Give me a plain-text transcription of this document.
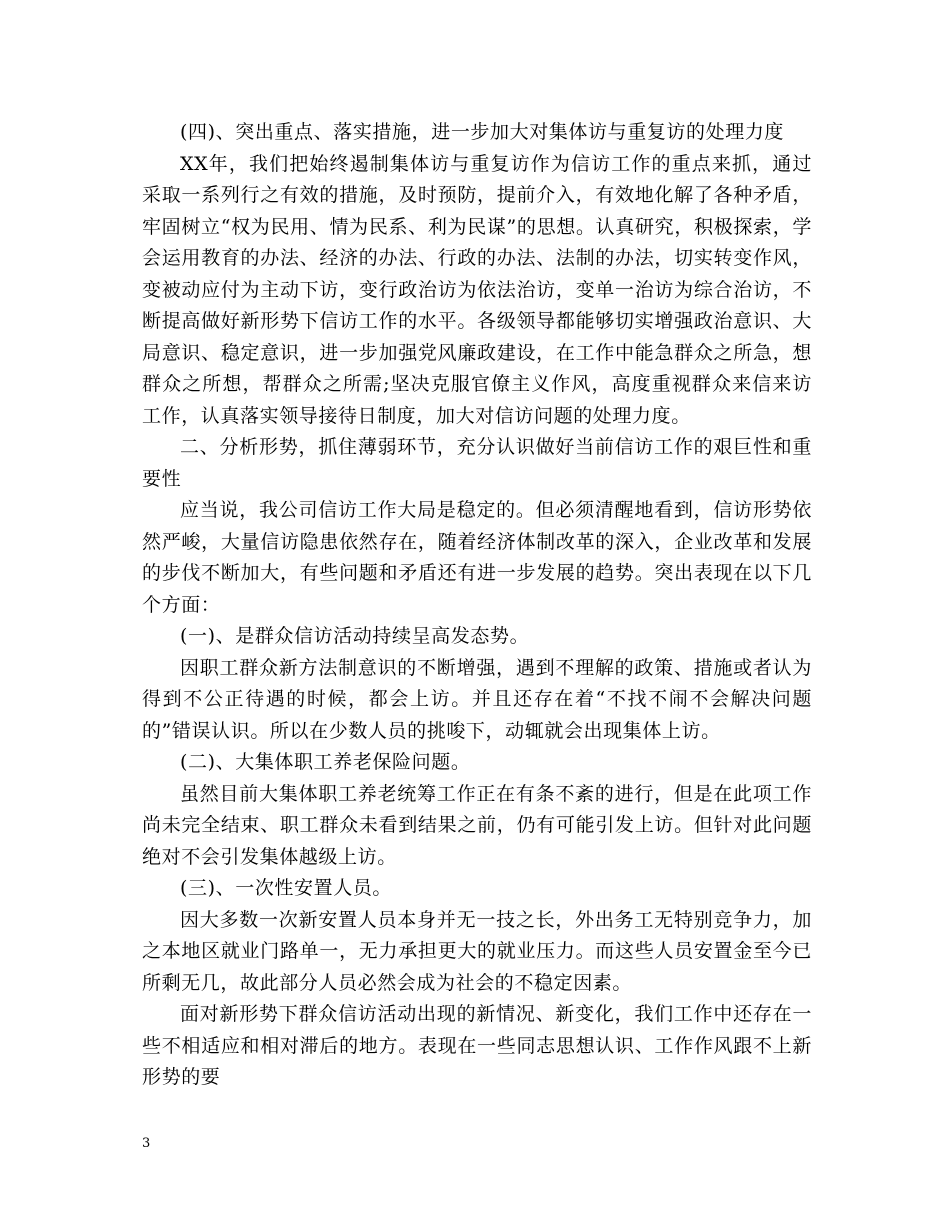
(四)、突出重点、落实措施，进一步加大对集体访与重复访的处理力度

XX年，我们把始终遏制集体访与重复访作为信访工作的重点来抓，通过采取一系列行之有效的措施，及时预防，提前介入，有效地化解了各种矛盾，牢固树立“权为民用、情为民系、利为民谋”的思想。认真研究，积极探索，学会运用教育的办法、经济的办法、行政的办法、法制的办法，切实转变作风，变被动应付为主动下访，变行政治访为依法治访，变单一治访为综合治访，不断提高做好新形势下信访工作的水平。各级领导都能够切实增强政治意识、大局意识、稳定意识，进一步加强党风廉政建设，在工作中能急群众之所急，想群众之所想，帮群众之所需;坚决克服官僚主义作风，高度重视群众来信来访工作，认真落实领导接待日制度，加大对信访问题的处理力度。

二、分析形势，抓住薄弱环节，充分认识做好当前信访工作的艰巨性和重要性

应当说，我公司信访工作大局是稳定的。但必须清醒地看到，信访形势依然严峻，大量信访隐患依然存在，随着经济体制改革的深入，企业改革和发展的步伐不断加大，有些问题和矛盾还有进一步发展的趋势。突出表现在以下几个方面：

(一)、是群众信访活动持续呈高发态势。

因职工群众新方法制意识的不断增强，遇到不理解的政策、措施或者认为得到不公正待遇的时候，都会上访。并且还存在着“不找不闹不会解决问题的”错误认识。所以在少数人员的挑唆下，动辄就会出现集体上访。

(二)、大集体职工养老保险问题。

虽然目前大集体职工养老统筹工作正在有条不紊的进行，但是在此项工作尚未完全结束、职工群众未看到结果之前，仍有可能引发上访。但针对此问题绝对不会引发集体越级上访。

(三)、一次性安置人员。

因大多数一次新安置人员本身并无一技之长，外出务工无特别竞争力，加之本地区就业门路单一，无力承担更大的就业压力。而这些人员安置金至今已所剩无几，故此部分人员必然会成为社会的不稳定因素。

面对新形势下群众信访活动出现的新情况、新变化，我们工作中还存在一些不相适应和相对滞后的地方。表现在一些同志思想认识、工作作风跟不上新形势的要

3
